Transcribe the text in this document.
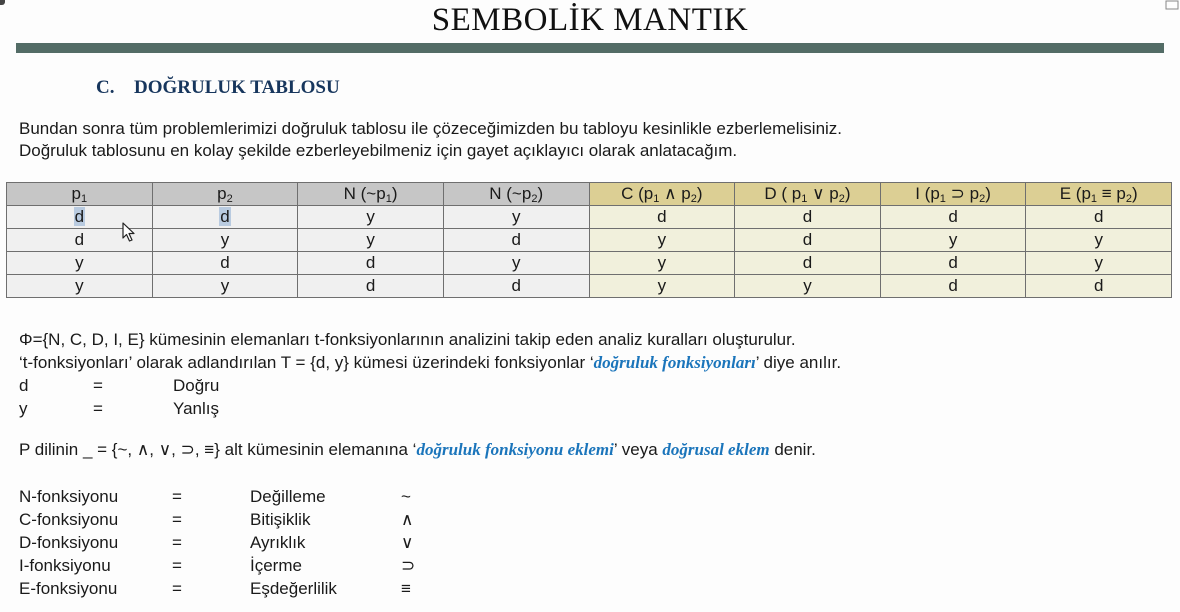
SEMBOLİK MANTIK
C. DOĞRULUK TABLOSU

Bundan sonra tüm problemlerimizi doğruluk tablosu ile çözeceğimizden bu tabloyu kesinlikle ezberlemelisiniz.

Doğruluk tablosunu en kolay şekilde ezberleyebilmeniz için gayet açıklayıcı olarak anlatacağım.

$p_1$	$p_2$	N $(\sim p_1)$	N $(\sim p_2)$	C ($p_1$ ∧ $p_2$)	D ( $p_1$ ∨ $p_2$)	I ($p_1$ ⊃ $p_2$)	E $(p_1 \equiv p_2)$
d	d	y	y	d	d	d	d
d	y	y	d	y	d	y	y
y	d	d	y	y	d	d	y
y	y	d	d	y	y	d	d

Φ={N, C, D, I, E} kümesinin elemanları t-fonksiyonlarının analizini takip eden analiz kuralları oluşturulur.

‘t-fonksiyonları’ olarak adlandırılan T = {d, y} kümesi üzerindeki fonksiyonlar ‘doğruluk fonksiyonları’ diye anılır.

d	=	Doğru
y	=	Yanlış
P dilinin _ = {~, ∧, ∨, ⊃, ≡} alt kümesinin elemanına ‘doğruluk fonksiyonu eklemi’ veya doğrusal eklem denir.
N-fonksiyonu	=	Değilleme	~
C-fonksiyonu	=	Bitişiklik	∧
D-fonksiyonu	=	Ayrıklık	∨
I-fonksiyonu	=	İçerme	⊃
E-fonksiyonu	=	Eşdeğerlilik	≡
